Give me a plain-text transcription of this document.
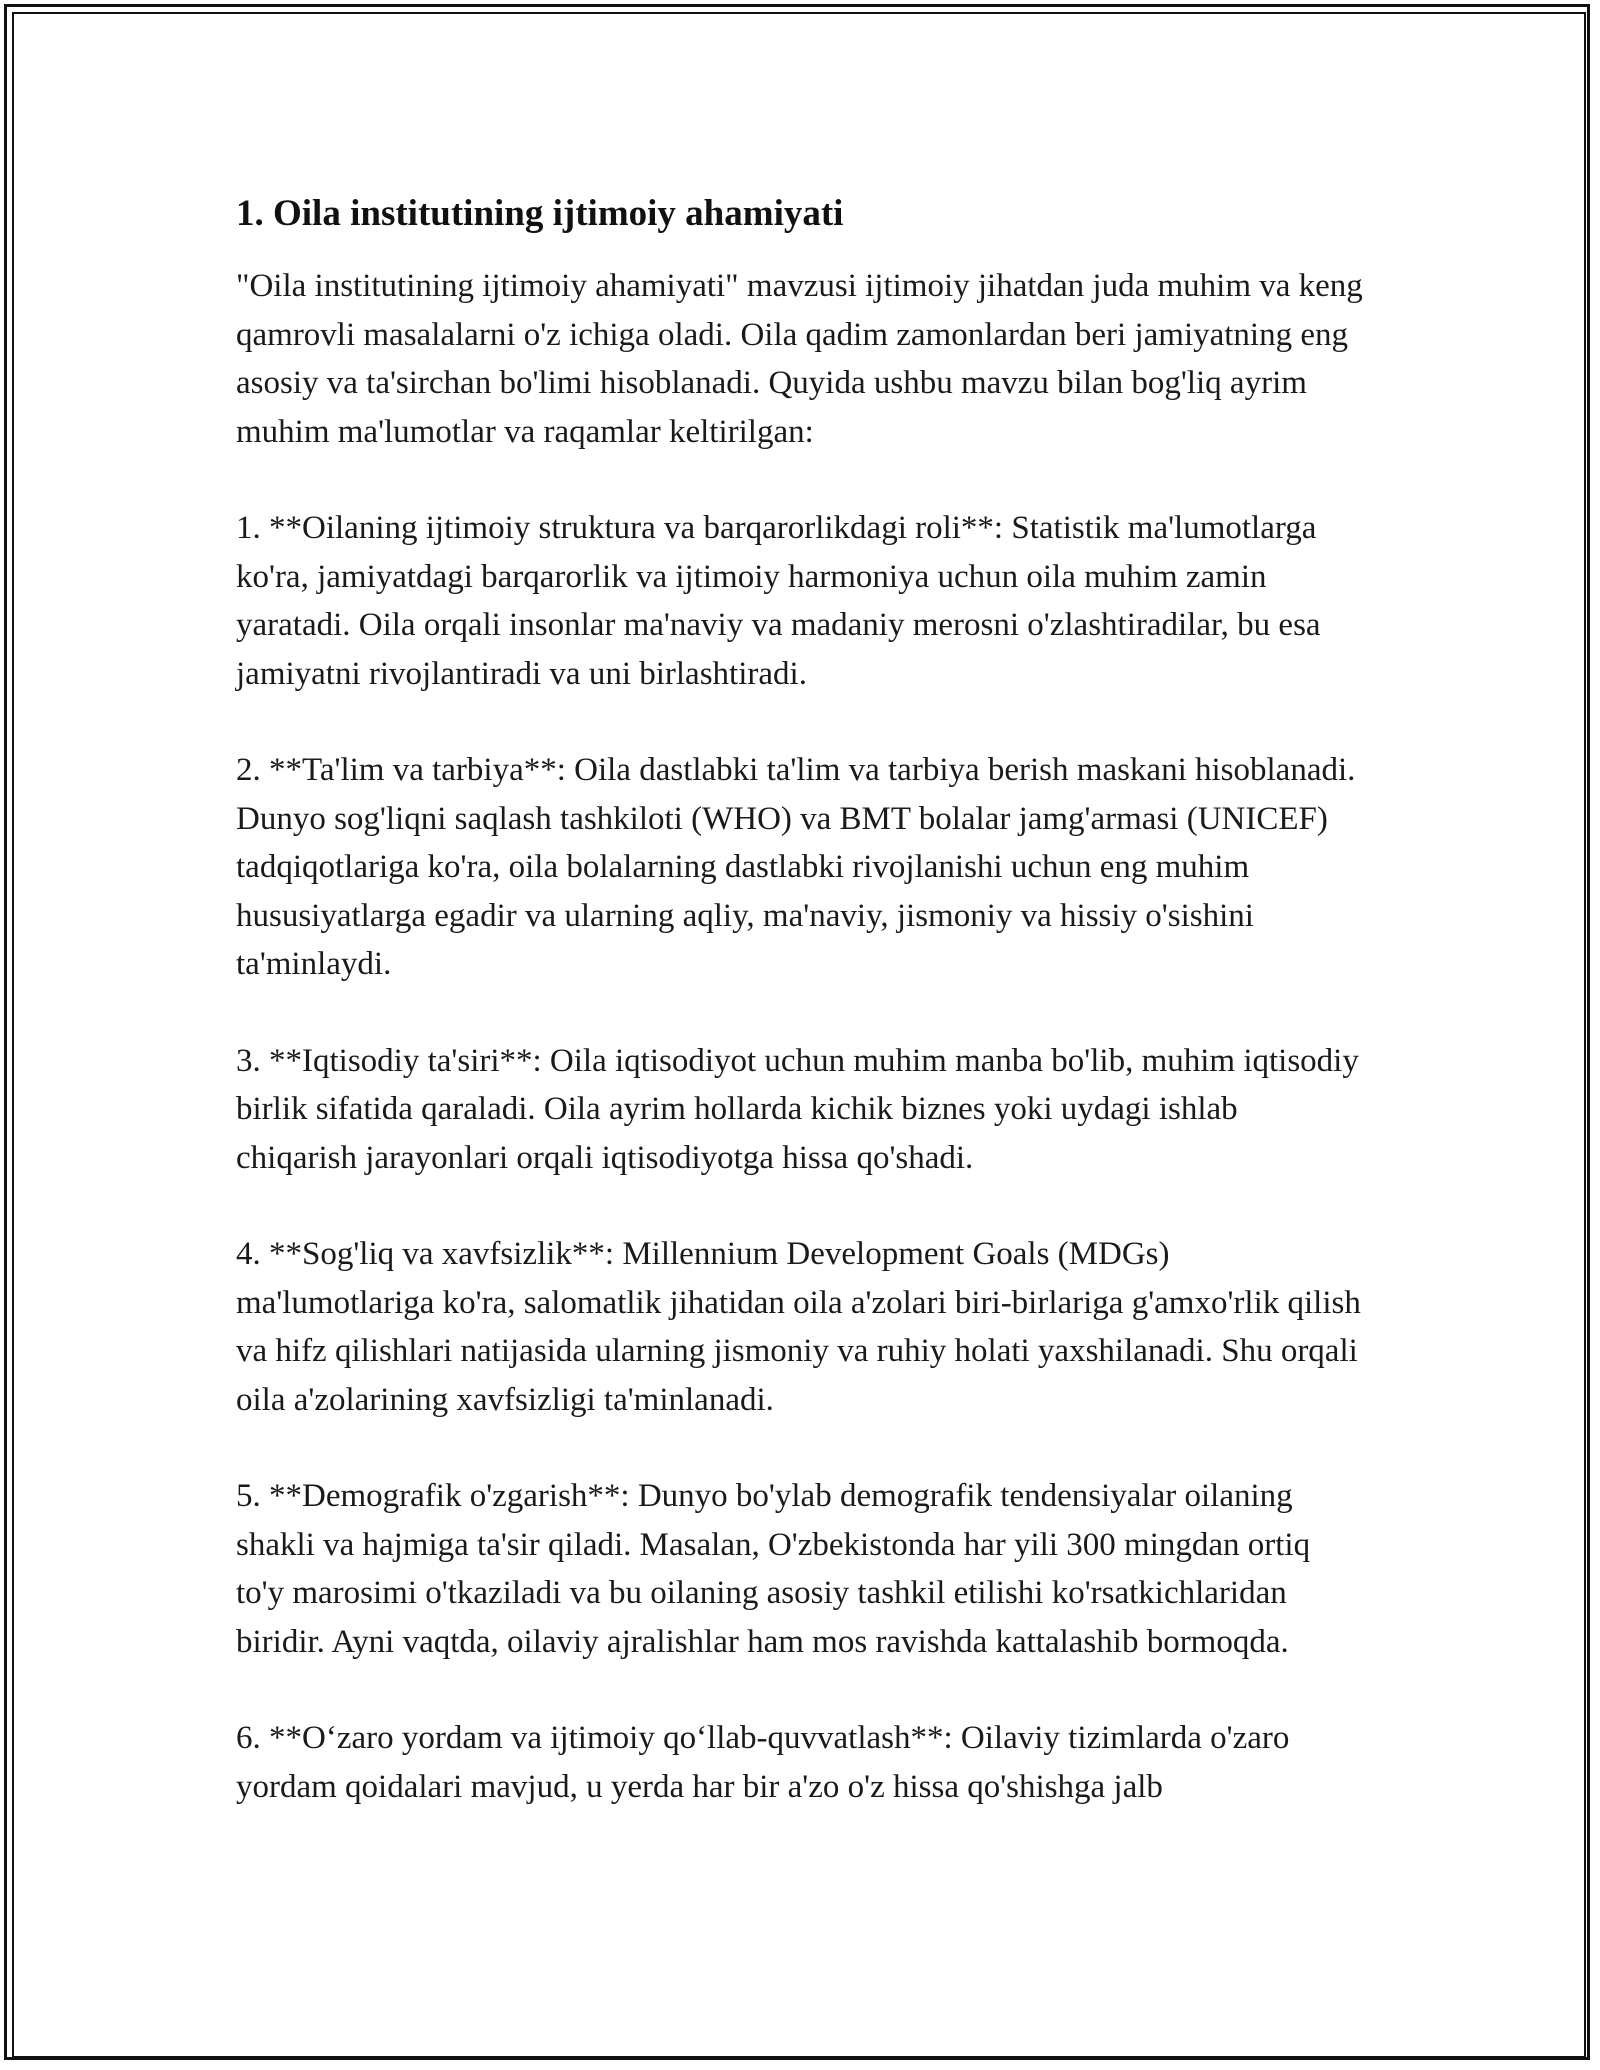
1. Oila institutining ijtimoiy ahamiyati

"Oila institutining ijtimoiy ahamiyati" mavzusi ijtimoiy jihatdan juda muhim va keng qamrovli masalalarni o'z ichiga oladi. Oila qadim zamonlardan beri jamiyatning eng asosiy va ta'sirchan bo'limi hisoblanadi. Quyida ushbu mavzu bilan bog'liq ayrim muhim ma'lumotlar va raqamlar keltirilgan:

1. **Oilaning ijtimoiy struktura va barqarorlikdagi roli**: Statistik ma'lumotlarga ko'ra, jamiyatdagi barqarorlik va ijtimoiy harmoniya uchun oila muhim zamin yaratadi. Oila orqali insonlar ma'naviy va madaniy merosni o'zlashtiradilar, bu esa jamiyatni rivojlantiradi va uni birlashtiradi.

2. **Ta'lim va tarbiya**: Oila dastlabki ta'lim va tarbiya berish maskani hisoblanadi. Dunyo sog'liqni saqlash tashkiloti (WHO) va BMT bolalar jamg'armasi (UNICEF) tadqiqotlariga ko'ra, oila bolalarning dastlabki rivojlanishi uchun eng muhim hususiyatlarga egadir va ularning aqliy, ma'naviy, jismoniy va hissiy o'sishini ta'minlaydi.

3. **Iqtisodiy ta'siri**: Oila iqtisodiyot uchun muhim manba bo'lib, muhim iqtisodiy birlik sifatida qaraladi. Oila ayrim hollarda kichik biznes yoki uydagi ishlab chiqarish jarayonlari orqali iqtisodiyotga hissa qo'shadi.

4. **Sog'liq va xavfsizlik**: Millennium Development Goals (MDGs) ma'lumotlariga ko'ra, salomatlik jihatidan oila a'zolari biri-birlariga g'amxo'rlik qilish va hifz qilishlari natijasida ularning jismoniy va ruhiy holati yaxshilanadi. Shu orqali oila a'zolarining xavfsizligi ta'minlanadi.

5. **Demografik o'zgarish**: Dunyo bo'ylab demografik tendensiyalar oilaning shakli va hajmiga ta'sir qiladi. Masalan, O'zbekistonda har yili 300 mingdan ortiq to'y marosimi o'tkaziladi va bu oilaning asosiy tashkil etilishi ko'rsatkichlaridan biridir. Ayni vaqtda, oilaviy ajralishlar ham mos ravishda kattalashib bormoqda.

6. **O‘zaro yordam va ijtimoiy qo‘llab-quvvatlash**: Oilaviy tizimlarda o'zaro yordam qoidalari mavjud, u yerda har bir a'zo o'z hissa qo'shishga jalb
